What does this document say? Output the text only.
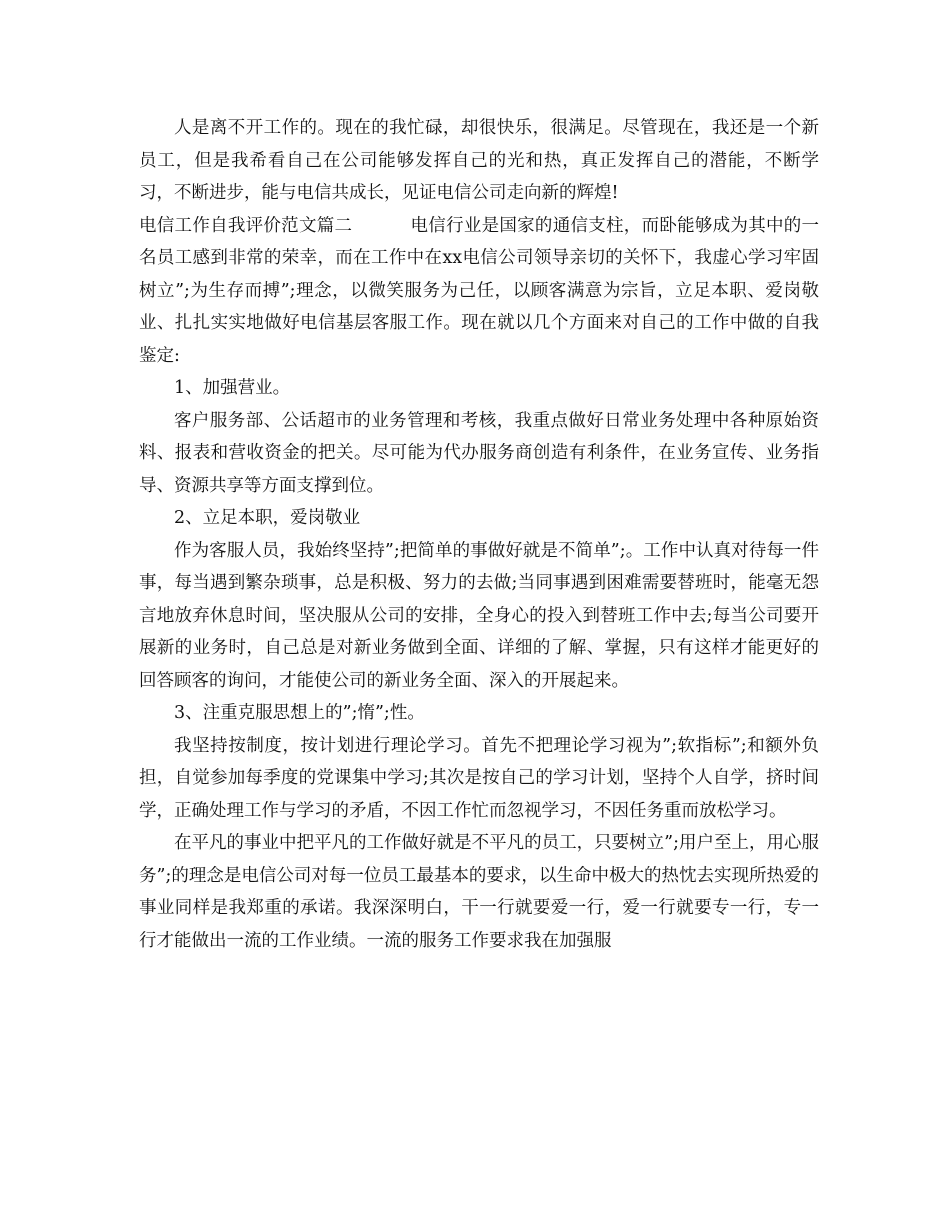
人是离不开工作的。现在的我忙碌，却很快乐，很满足。尽管现在，我还是一个新员工，但是我希看自己在公司能够发挥自己的光和热，真正发挥自己的潜能，不断学习，不断进步，能与电信共成长，见证电信公司走向新的辉煌!

电信工作自我评价范文篇二	电信行业是国家的通信支柱，而卧能够成为其中的一名员工感到非常的荣幸，而在工作中在xx电信公司领导亲切的关怀下，我虚心学习牢固树立”;为生存而搏”;理念，以微笑服务为己任，以顾客满意为宗旨，立足本职、爱岗敬业、扎扎实实地做好电信基层客服工作。现在就以几个方面来对自己的工作中做的自我鉴定:

1、加强营业。

客户服务部、公话超市的业务管理和考核，我重点做好日常业务处理中各种原始资料、报表和营收资金的把关。尽可能为代办服务商创造有利条件，在业务宣传、业务指导、资源共享等方面支撑到位。

2、立足本职，爱岗敬业

作为客服人员，我始终坚持”;把简单的事做好就是不简单”;。工作中认真对待每一件事，每当遇到繁杂琐事，总是积极、努力的去做;当同事遇到困难需要替班时，能毫无怨言地放弃休息时间，坚决服从公司的安排，全身心的投入到替班工作中去;每当公司要开展新的业务时，自己总是对新业务做到全面、详细的了解、掌握，只有这样才能更好的回答顾客的询问，才能使公司的新业务全面、深入的开展起来。

3、注重克服思想上的”;惰”;性。

我坚持按制度，按计划进行理论学习。首先不把理论学习视为”;软指标”;和额外负担，自觉参加每季度的党课集中学习;其次是按自己的学习计划，坚持个人自学，挤时间学，正确处理工作与学习的矛盾，不因工作忙而忽视学习，不因任务重而放松学习。

在平凡的事业中把平凡的工作做好就是不平凡的员工，只要树立”;用户至上，用心服务”;的理念是电信公司对每一位员工最基本的要求，以生命中极大的热忱去实现所热爱的事业同样是我郑重的承诺。我深深明白，干一行就要爱一行，爱一行就要专一行，专一行才能做出一流的工作业绩。一流的服务工作要求我在加强服
